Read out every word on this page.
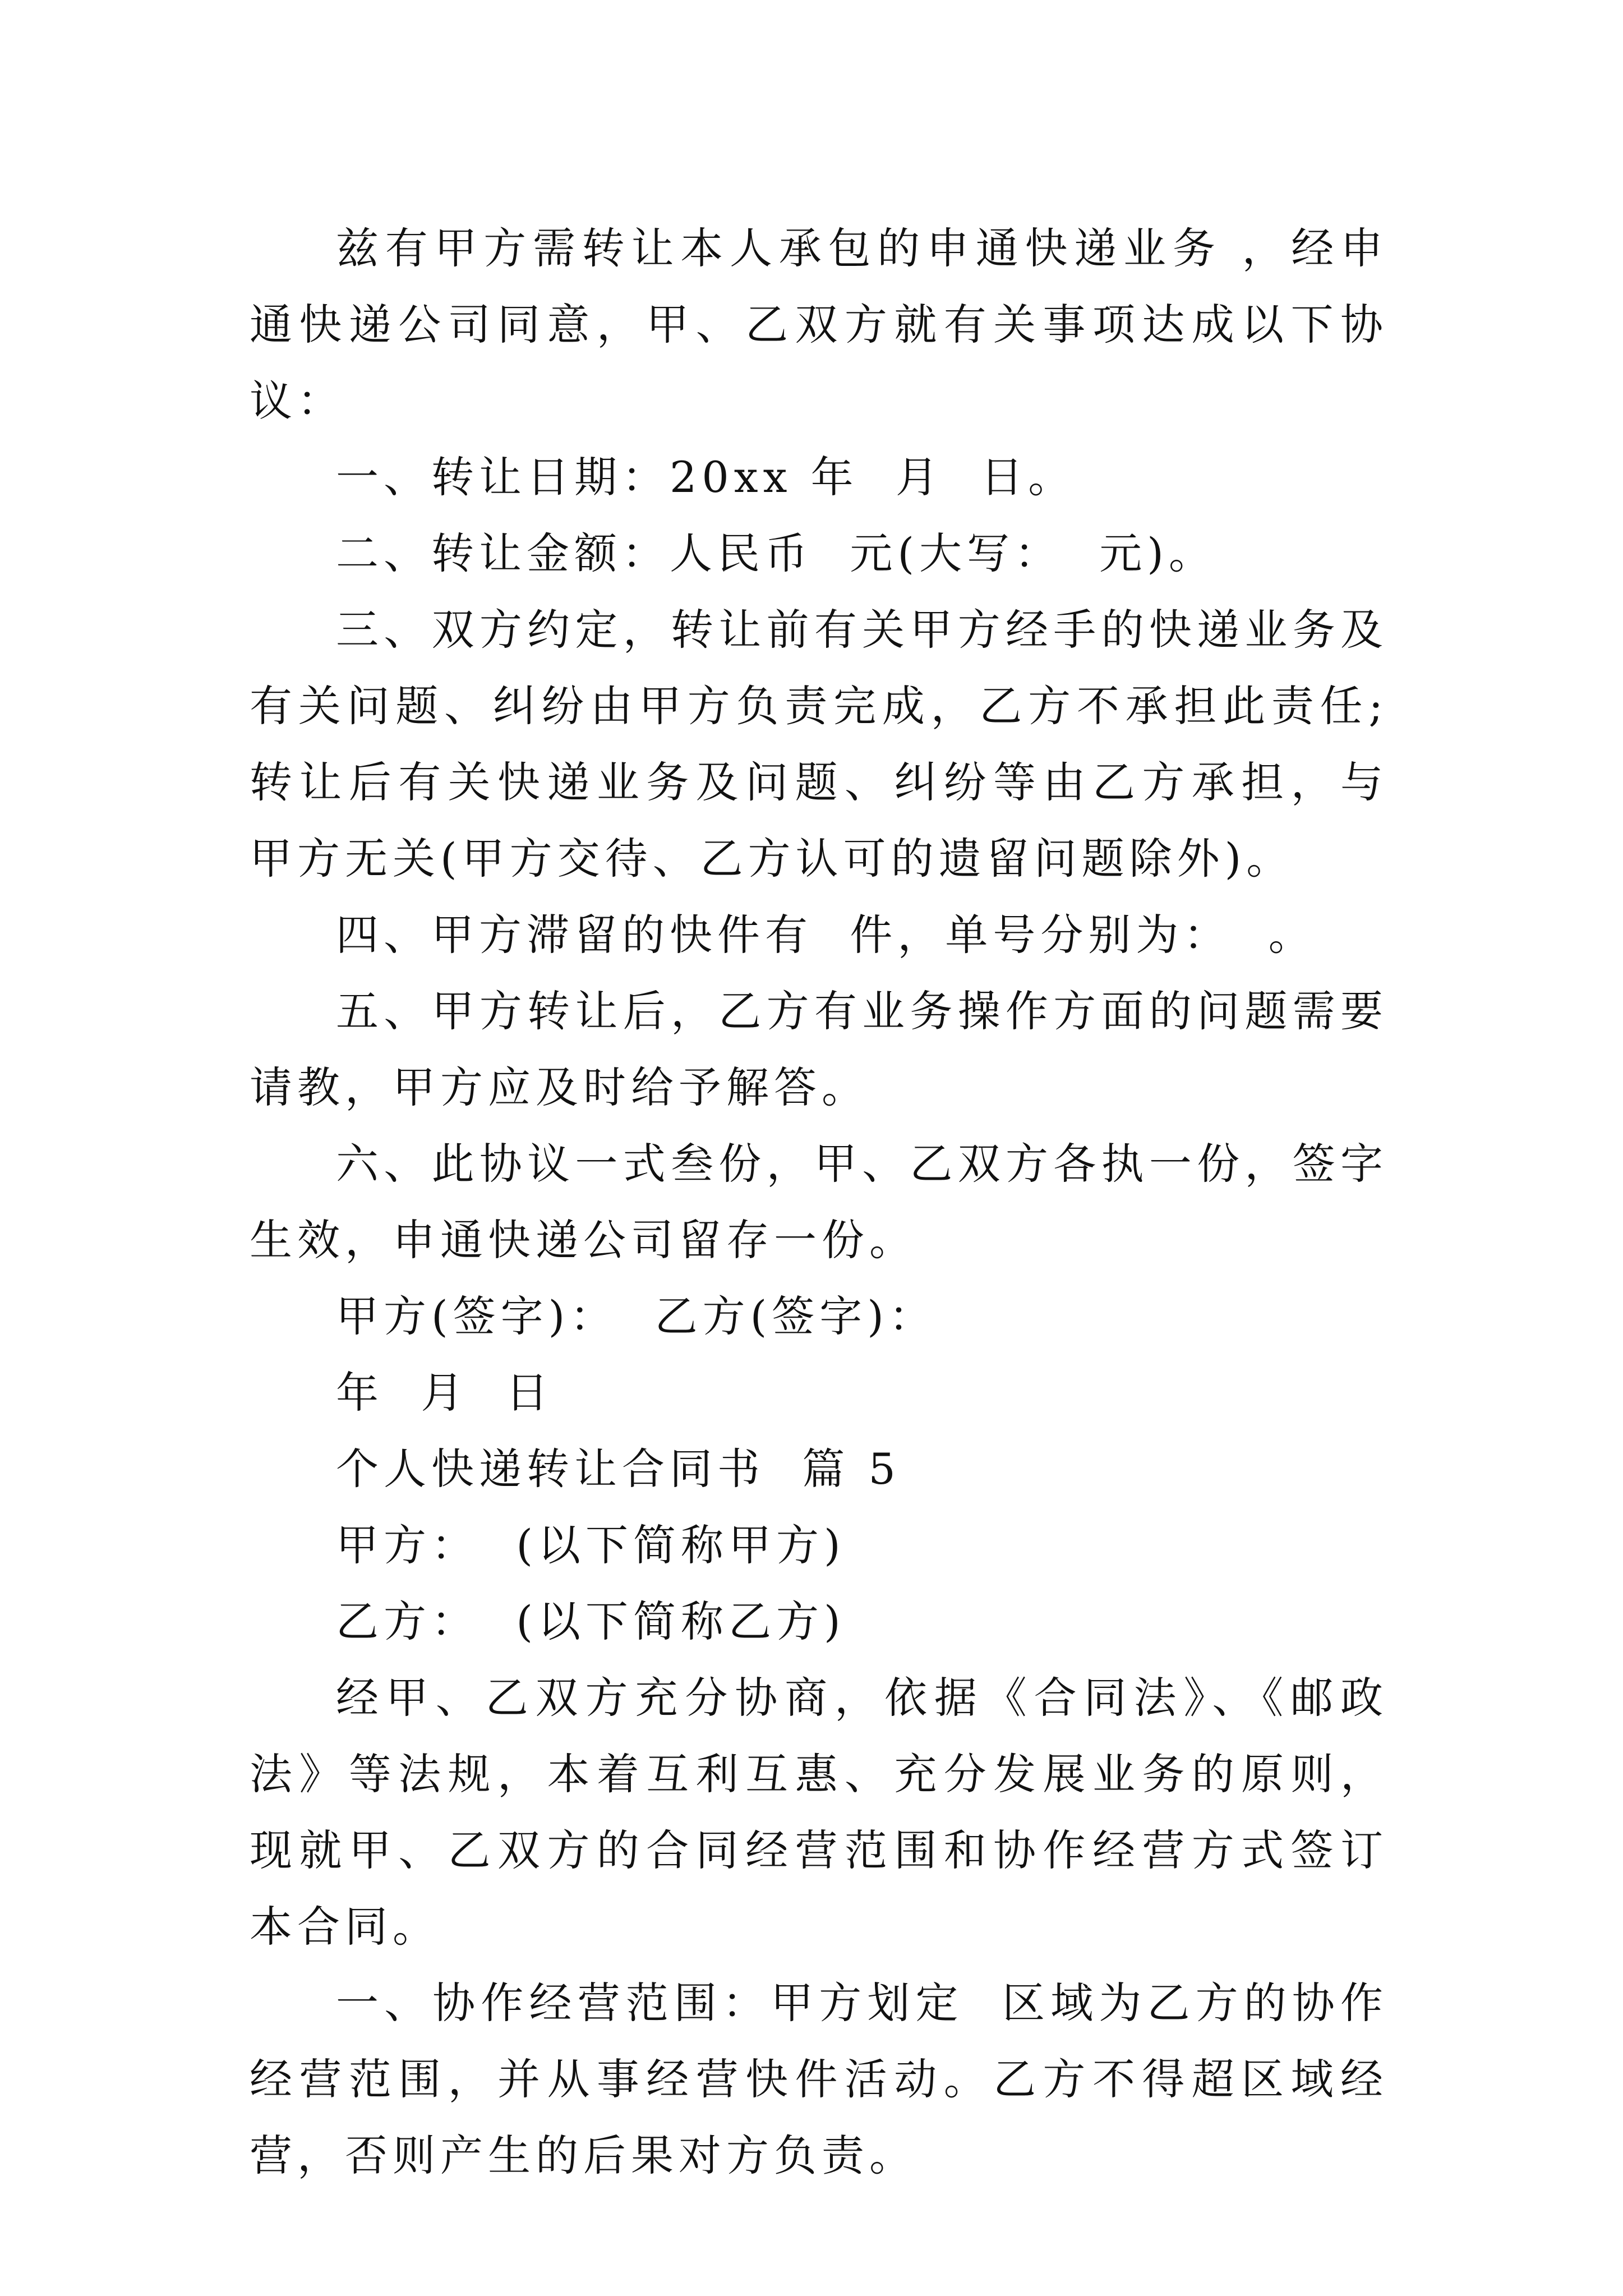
兹有甲方需转让本人承包的申通快递业务 ，经申通快递公司同意，甲、乙双方就有关事项达成以下协议：

一、转让日期：20xx 年  月  日。

二、转让金额：人民币  元(大写：  元)。

三、双方约定，转让前有关甲方经手的快递业务及有关问题、纠纷由甲方负责完成，乙方不承担此责任;转让后有关快递业务及问题、纠纷等由乙方承担，与甲方无关(甲方交待、乙方认可的遗留问题除外)。

四、甲方滞留的快件有  件，单号分别为：  。

五、甲方转让后，乙方有业务操作方面的问题需要请教，甲方应及时给予解答。

六、此协议一式叁份，甲、乙双方各执一份，签字生效，申通快递公司留存一份。

甲方(签字)：  乙方(签字)：

年  月  日

个人快递转让合同书  篇 5

甲方：  (以下简称甲方)

乙方：  (以下简称乙方)

经甲、乙双方充分协商，依据《合同法》、《邮政法》等法规，本着互利互惠、充分发展业务的原则，现就甲、乙双方的合同经营范围和协作经营方式签订本合同。

一、协作经营范围：甲方划定  区域为乙方的协作经营范围，并从事经营快件活动。乙方不得超区域经营，否则产生的后果对方负责。
